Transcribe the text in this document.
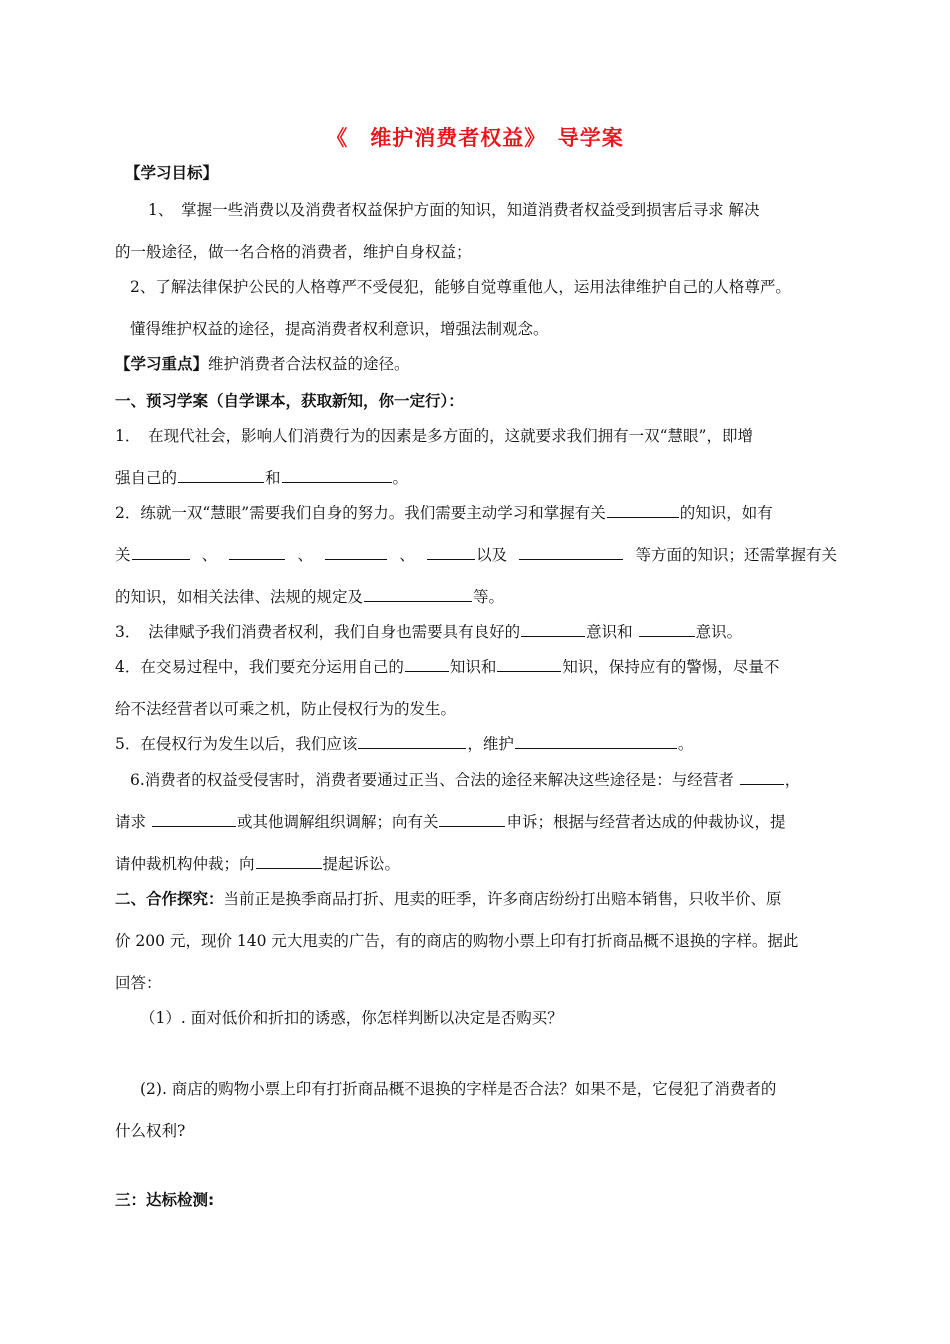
《　维护消费者权益》　导学案
【学习目标】
1、　掌握一些消费以及消费者权益保护方面的知识，知道消费者权益受到损害后寻求 解决
的一般途径，做一名合格的消费者，维护自身权益；
2、了解法律保护公民的人格尊严不受侵犯，能够自觉尊重他人，运用法律维护自己的人格尊严。
懂得维护权益的途径，提高消费者权利意识，增强法制观念。
【学习重点】维护消费者合法权益的途径。
一、预习学案（自学课本，获取新知，你一定行）：
1．　在现代社会，影响人们消费行为的因素是多方面的，这就要求我们拥有一双“慧眼”，即增
强自己的	和	。
2．练就一双“慧眼”需要我们自身的努力。我们需要主动学习和掌握有关	的知识，如有
关	、	、	、	以及	等方面的知识；还需掌握有关
的知识，如相关法律、法规的规定及	等。
3．　法律赋予我们消费者权利，我们自身也需要具有良好的	意识和	意识。
4．在交易过程中，我们要充分运用自己的	知识和	知识，保持应有的警惕，尽量不
给不法经营者以可乘之机，防止侵权行为的发生。
5．在侵权行为发生以后，我们应该	，维护	。
6.消费者的权益受侵害时，消费者要通过正当、合法的途径来解决这些途径是：与经营者	，
请求	或其他调解组织调解；向有关	申诉；根据与经营者达成的仲裁协议，提
请仲裁机构仲裁；向	提起诉讼。
二、合作探究：当前正是换季商品打折、甩卖的旺季，许多商店纷纷打出赔本销售，只收半价、原
价 200 元，现价 140 元大甩卖的广告，有的商店的购物小票上印有打折商品概不退换的字样。据此
回答：
（1）. 面对低价和折扣的诱惑，你怎样判断以决定是否购买？
(2). 商店的购物小票上印有打折商品概不退换的字样是否合法？如果不是，它侵犯了消费者的
什么权利?
三：达标检测:
